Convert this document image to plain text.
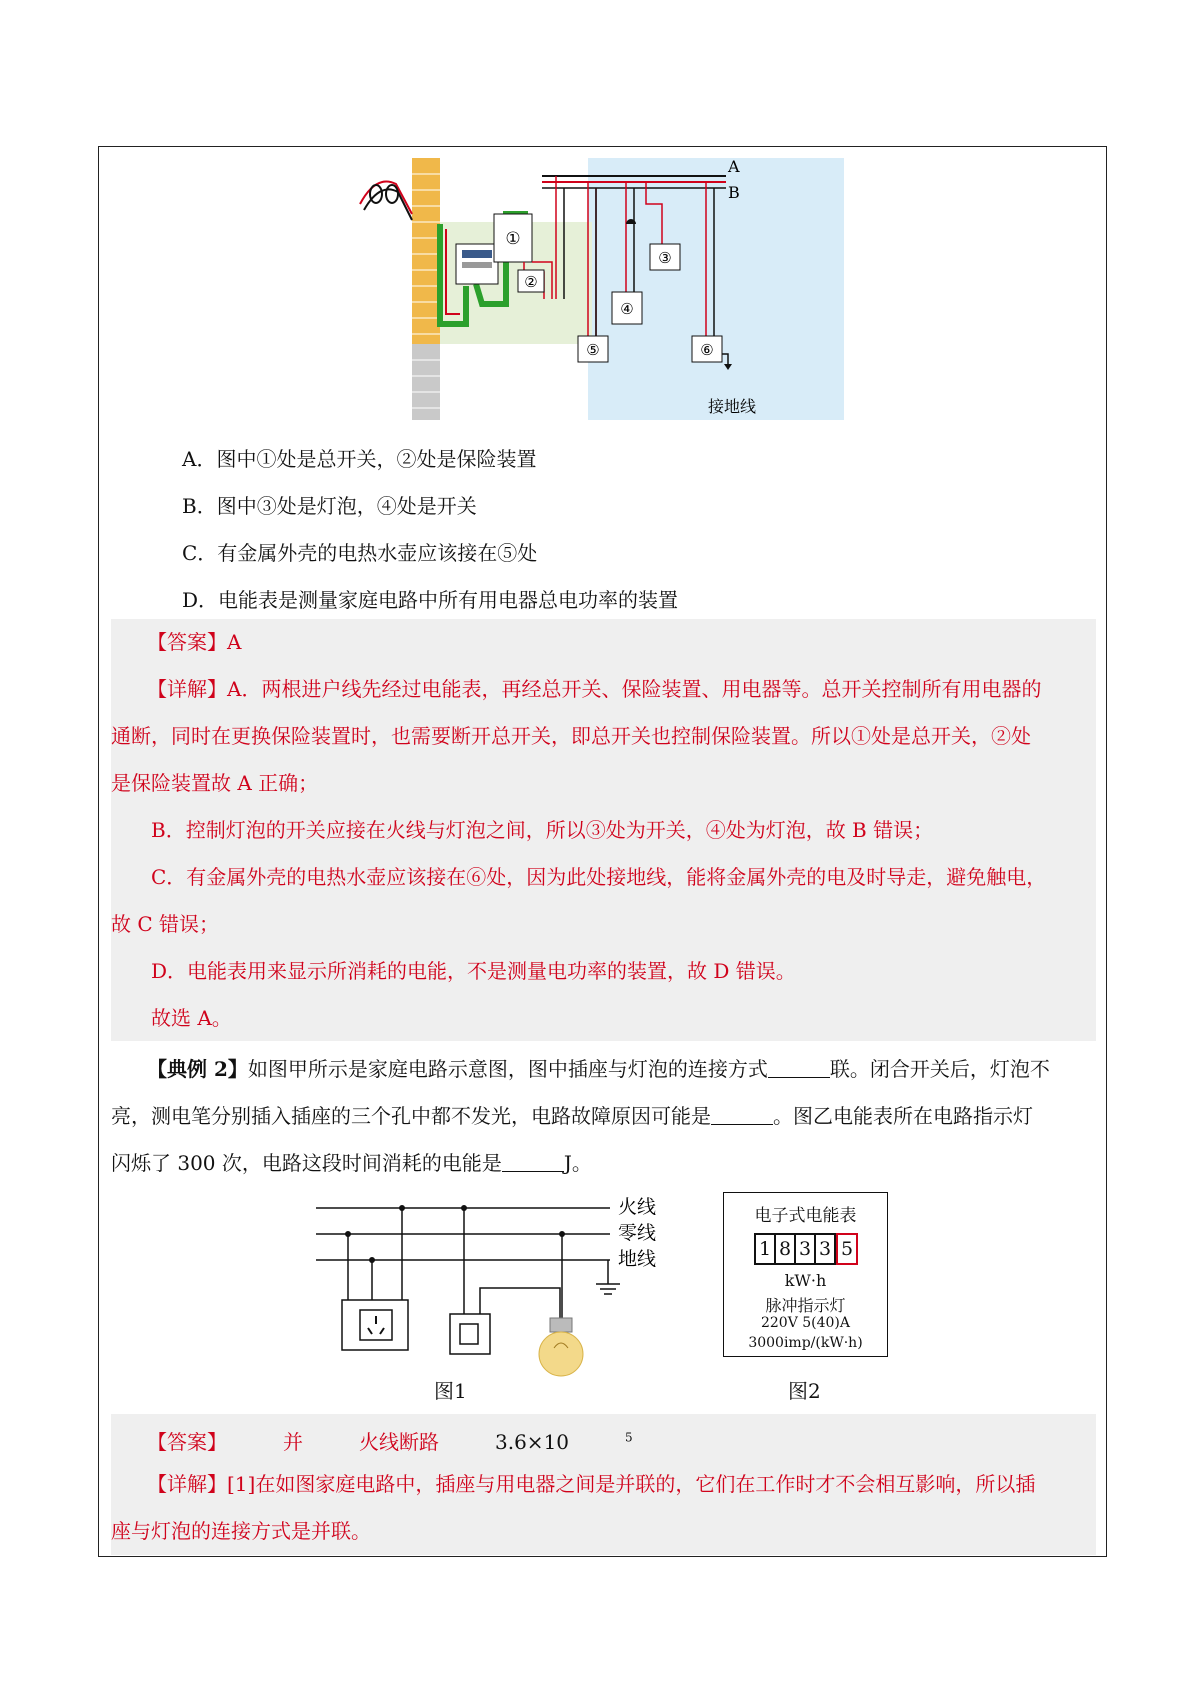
①
②
A
B
⑤
④
③
⑥
接地线
A．图中①处是总开关，②处是保险装置
B．图中③处是灯泡，④处是开关
C．有金属外壳的电热水壶应该接在⑤处
D．电能表是测量家庭电路中所有用电器总电功率的装置
【答案】A
【详解】A．两根进户线先经过电能表，再经总开关、保险装置、用电器等。总开关控制所有用电器的
通断，同时在更换保险装置时，也需要断开总开关，即总开关也控制保险装置。所以①处是总开关，②处
是保险装置故 A 正确；
B．控制灯泡的开关应接在火线与灯泡之间，所以③处为开关，④处为灯泡，故 B 错误；
C．有金属外壳的电热水壶应该接在⑥处，因为此处接地线，能将金属外壳的电及时导走，避免触电，
故 C 错误；
D．电能表用来显示所消耗的电能，不是测量电功率的装置，故 D 错误。
故选 A。
【典例 2】如图甲所示是家庭电路示意图，图中插座与灯泡的连接方式	联。闭合开关后，灯泡不
亮，测电笔分别插入插座的三个孔中都不发光，电路故障原因可能是	。图乙电能表所在电路指示灯
闪烁了 300 次，电路这段时间消耗的电能是	J。
火线
零线
地线
图1
电子式电能表
1 8 3 3 5
kW·h
脉冲指示灯
220V 5(40)A
3000imp/(kW·h)
图2
【答案】	并	火线断路	3.6×10	$^5$
【详解】[1]在如图家庭电路中，插座与用电器之间是并联的，它们在工作时才不会相互影响，所以插
座与灯泡的连接方式是并联。
